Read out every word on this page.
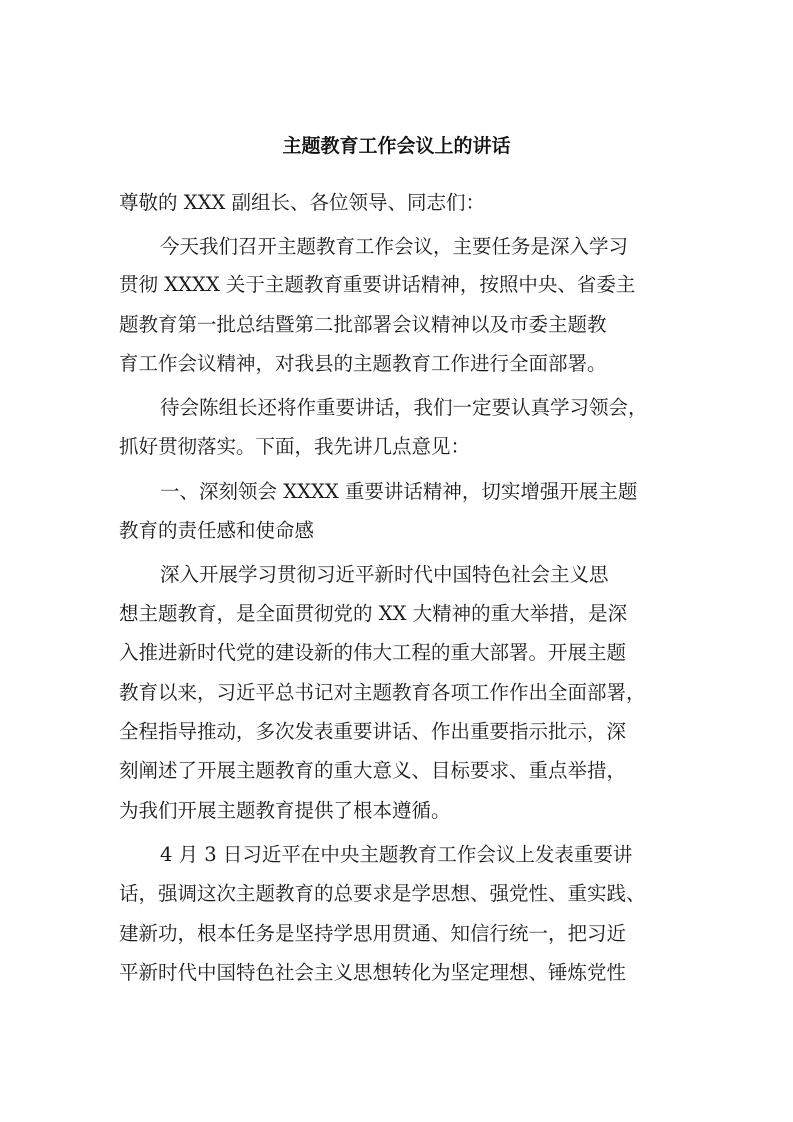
主题教育工作会议上的讲话
尊敬的 XXX 副组长、各位领导、同志们：
今天我们召开主题教育工作会议，主要任务是深入学习
贯彻 XXXX 关于主题教育重要讲话精神，按照中央、省委主
题教育第一批总结暨第二批部署会议精神以及市委主题教
育工作会议精神，对我县的主题教育工作进行全面部署。
待会陈组长还将作重要讲话，我们一定要认真学习领会，
抓好贯彻落实。下面，我先讲几点意见：
一、深刻领会 XXXX 重要讲话精神，切实增强开展主题
教育的责任感和使命感
深入开展学习贯彻习近平新时代中国特色社会主义思
想主题教育，是全面贯彻党的 XX 大精神的重大举措，是深
入推进新时代党的建设新的伟大工程的重大部署。开展主题
教育以来，习近平总书记对主题教育各项工作作出全面部署，
全程指导推动，多次发表重要讲话、作出重要指示批示，深
刻阐述了开展主题教育的重大意义、目标要求、重点举措，
为我们开展主题教育提供了根本遵循。
4 月 3 日习近平在中央主题教育工作会议上发表重要讲
话，强调这次主题教育的总要求是学思想、强党性、重实践、
建新功，根本任务是坚持学思用贯通、知信行统一，把习近
平新时代中国特色社会主义思想转化为坚定理想、锤炼党性
